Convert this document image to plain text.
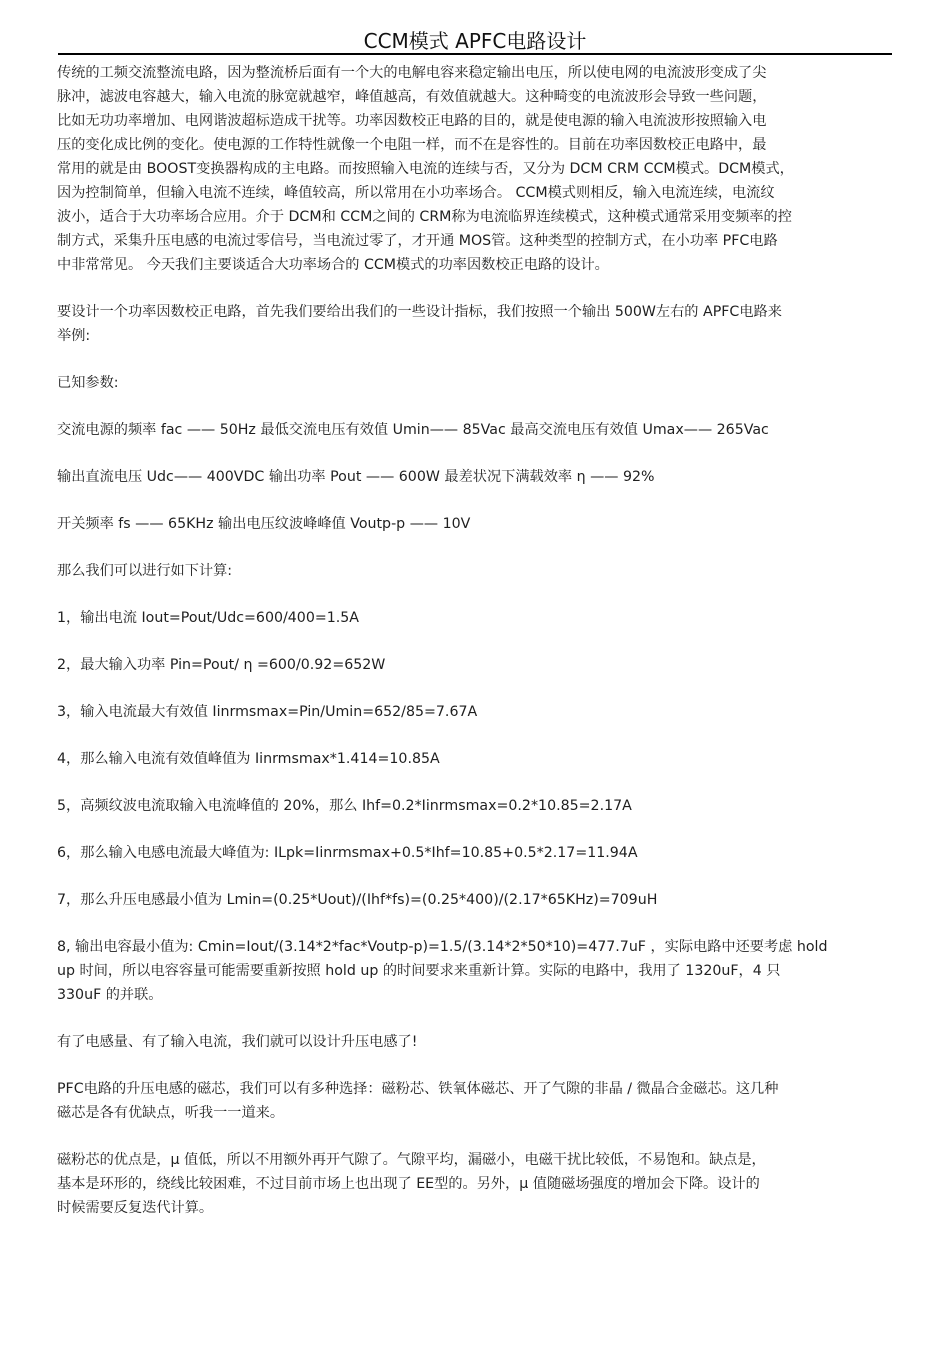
CCM模式 APFC电路设计
传统的工频交流整流电路，因为整流桥后面有一个大的电解电容来稳定输出电压，所以使电网的电流波形变成了尖
脉冲，滤波电容越大，输入电流的脉宽就越窄，峰值越高，有效值就越大。这种畸变的电流波形会导致一些问题，
比如无功功率增加、电网谐波超标造成干扰等。功率因数校正电路的目的，就是使电源的输入电流波形按照输入电
压的变化成比例的变化。使电源的工作特性就像一个电阻一样，而不在是容性的。目前在功率因数校正电路中，最
常用的就是由 BOOST变换器构成的主电路。而按照输入电流的连续与否，又分为 DCM CRM CCM模式。DCM模式，
因为控制简单，但输入电流不连续，峰值较高，所以常用在小功率场合。 CCM模式则相反，输入电流连续，电流纹
波小，适合于大功率场合应用。介于 DCM和 CCM之间的 CRM称为电流临界连续模式，这种模式通常采用变频率的控
制方式，采集升压电感的电流过零信号，当电流过零了，才开通 MOS管。这种类型的控制方式，在小功率 PFC电路
中非常常见。 今天我们主要谈适合大功率场合的 CCM模式的功率因数校正电路的设计。
要设计一个功率因数校正电路，首先我们要给出我们的一些设计指标，我们按照一个输出 500W左右的 APFC电路来
举例:
已知参数:
交流电源的频率 fac —— 50Hz 最低交流电压有效值 Umin—— 85Vac 最高交流电压有效值 Umax—— 265Vac
输出直流电压 Udc—— 400VDC 输出功率 Pout —— 600W 最差状况下满载效率 η —— 92%
开关频率 fs —— 65KHz 输出电压纹波峰峰值 Voutp-p —— 10V
那么我们可以进行如下计算:
1，输出电流 Iout=Pout/Udc=600/400=1.5A
2，最大输入功率 Pin=Pout/ η =600/0.92=652W
3，输入电流最大有效值 Iinrmsmax=Pin/Umin=652/85=7.67A
4，那么输入电流有效值峰值为 Iinrmsmax*1.414=10.85A
5，高频纹波电流取输入电流峰值的 20%，那么 Ihf=0.2*Iinrmsmax=0.2*10.85=2.17A
6，那么输入电感电流最大峰值为: ILpk=Iinrmsmax+0.5*Ihf=10.85+0.5*2.17=11.94A
7，那么升压电感最小值为 Lmin=(0.25*Uout)/(Ihf*fs)=(0.25*400)/(2.17*65KHz)=709uH
8, 输出电容最小值为: Cmin=Iout/(3.14*2*fac*Voutp-p)=1.5/(3.14*2*50*10)=477.7uF ，实际电路中还要考虑 hold
up 时间，所以电容容量可能需要重新按照 hold up 的时间要求来重新计算。实际的电路中，我用了 1320uF，4 只
330uF 的并联。
有了电感量、有了输入电流，我们就可以设计升压电感了!
PFC电路的升压电感的磁芯，我们可以有多种选择：磁粉芯、铁氧体磁芯、开了气隙的非晶 / 微晶合金磁芯。这几种
磁芯是各有优缺点，听我一一道来。
磁粉芯的优点是，μ 值低，所以不用额外再开气隙了。气隙平均，漏磁小，电磁干扰比较低，不易饱和。缺点是，
基本是环形的，绕线比较困难，不过目前市场上也出现了 EE型的。另外，μ 值随磁场强度的增加会下降。设计的
时候需要反复迭代计算。
